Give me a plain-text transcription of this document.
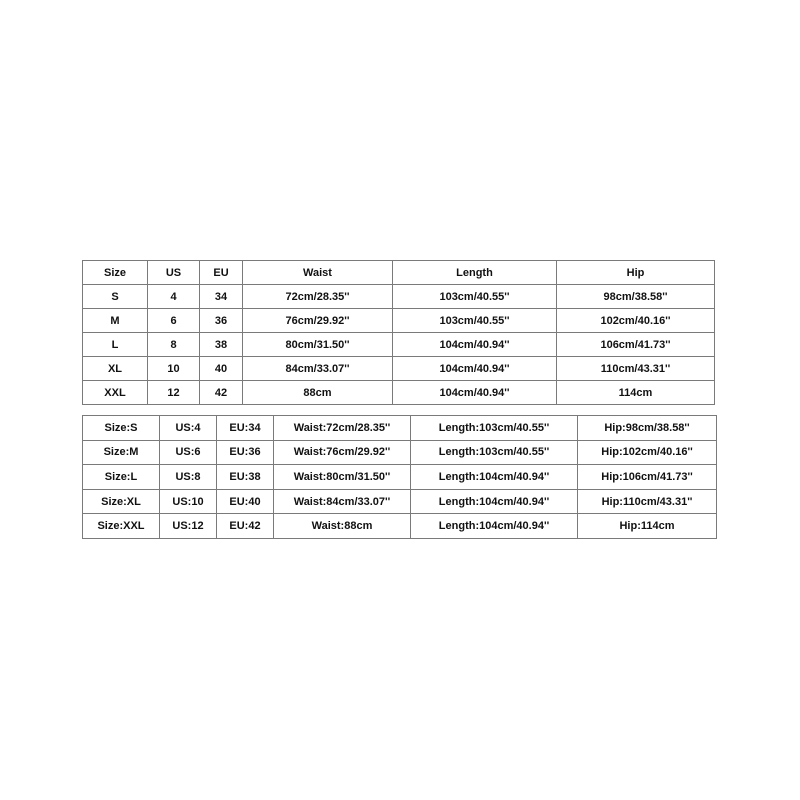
Size	US	EU	Waist	Length	Hip
S	4	34	72cm/28.35''	103cm/40.55''	98cm/38.58''
M	6	36	76cm/29.92''	103cm/40.55''	102cm/40.16''
L	8	38	80cm/31.50''	104cm/40.94''	106cm/41.73''
XL	10	40	84cm/33.07''	104cm/40.94''	110cm/43.31''
XXL	12	42	88cm	104cm/40.94''	114cm
Size:S	US:4	EU:34	Waist:72cm/28.35''	Length:103cm/40.55''	Hip:98cm/38.58''
Size:M	US:6	EU:36	Waist:76cm/29.92''	Length:103cm/40.55''	Hip:102cm/40.16''
Size:L	US:8	EU:38	Waist:80cm/31.50''	Length:104cm/40.94''	Hip:106cm/41.73''
Size:XL	US:10	EU:40	Waist:84cm/33.07''	Length:104cm/40.94''	Hip:110cm/43.31''
Size:XXL	US:12	EU:42	Waist:88cm	Length:104cm/40.94''	Hip:114cm
